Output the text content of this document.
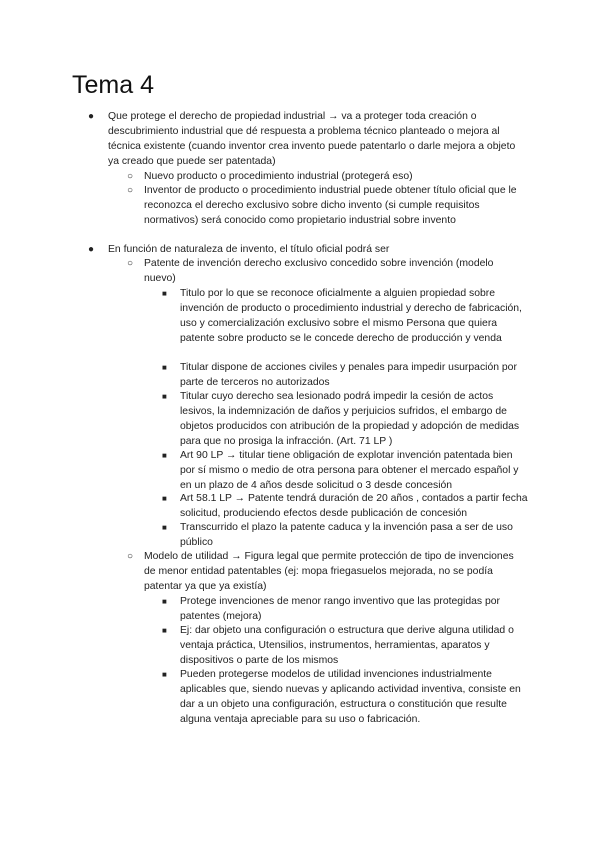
Tema 4
● Que protege el derecho de propiedad industrial → va a proteger toda creación o descubrimiento industrial que dé respuesta a problema técnico planteado o mejora al técnica existente (cuando inventor crea invento puede patentarlo o darle mejora a objeto ya creado que puede ser patentada)
○ Nuevo producto o procedimiento industrial (protegerá eso)
○ Inventor de producto o procedimiento industrial puede obtener título oficial que le reconozca el derecho exclusivo sobre dicho invento (si cumple requisitos normativos) será conocido como propietario industrial sobre invento
● En función de naturaleza de invento, el título oficial podrá ser
○ Patente de invención derecho exclusivo concedido sobre invención (modelo nuevo)
■ Titulo por lo que se reconoce oficialmente a alguien propiedad sobre invención de producto o procedimiento industrial y derecho de fabricación, uso y comercialización exclusivo sobre el mismo Persona que quiera patente sobre producto se le concede derecho de producción y venda
■ Titular dispone de acciones civiles y penales para impedir usurpación por parte de terceros no autorizados
■ Titular cuyo derecho sea lesionado podrá impedir la cesión de actos lesivos, la indemnización de daños y perjuicios sufridos, el embargo de objetos producidos con atribución de la propiedad y adopción de medidas para que no prosiga la infracción. (Art. 71 LP )
■ Art 90 LP → titular tiene obligación de explotar invención patentada bien por sí mismo o medio de otra persona para obtener el mercado español y en un plazo de 4 años desde solicitud o 3 desde concesión
■ Art 58.1 LP → Patente tendrá duración de 20 años , contados a partir fecha solicitud, produciendo efectos desde publicación de concesión
■ Transcurrido el plazo la patente caduca y la invención pasa a ser de uso público
○ Modelo de utilidad → Figura legal que permite protección de tipo de invenciones de menor entidad patentables (ej: mopa friegasuelos mejorada, no se podía patentar ya que ya existía)
■ Protege invenciones de menor rango inventivo que las protegidas por patentes (mejora)
■ Ej: dar objeto una configuración o estructura que derive alguna utilidad o ventaja práctica, Utensilios, instrumentos, herramientas, aparatos y dispositivos o parte de los mismos
■ Pueden protegerse modelos de utilidad invenciones industrialmente aplicables que, siendo nuevas y aplicando actividad inventiva, consiste en dar a un objeto una configuración, estructura o constitución que resulte alguna ventaja apreciable para su uso o fabricación.
